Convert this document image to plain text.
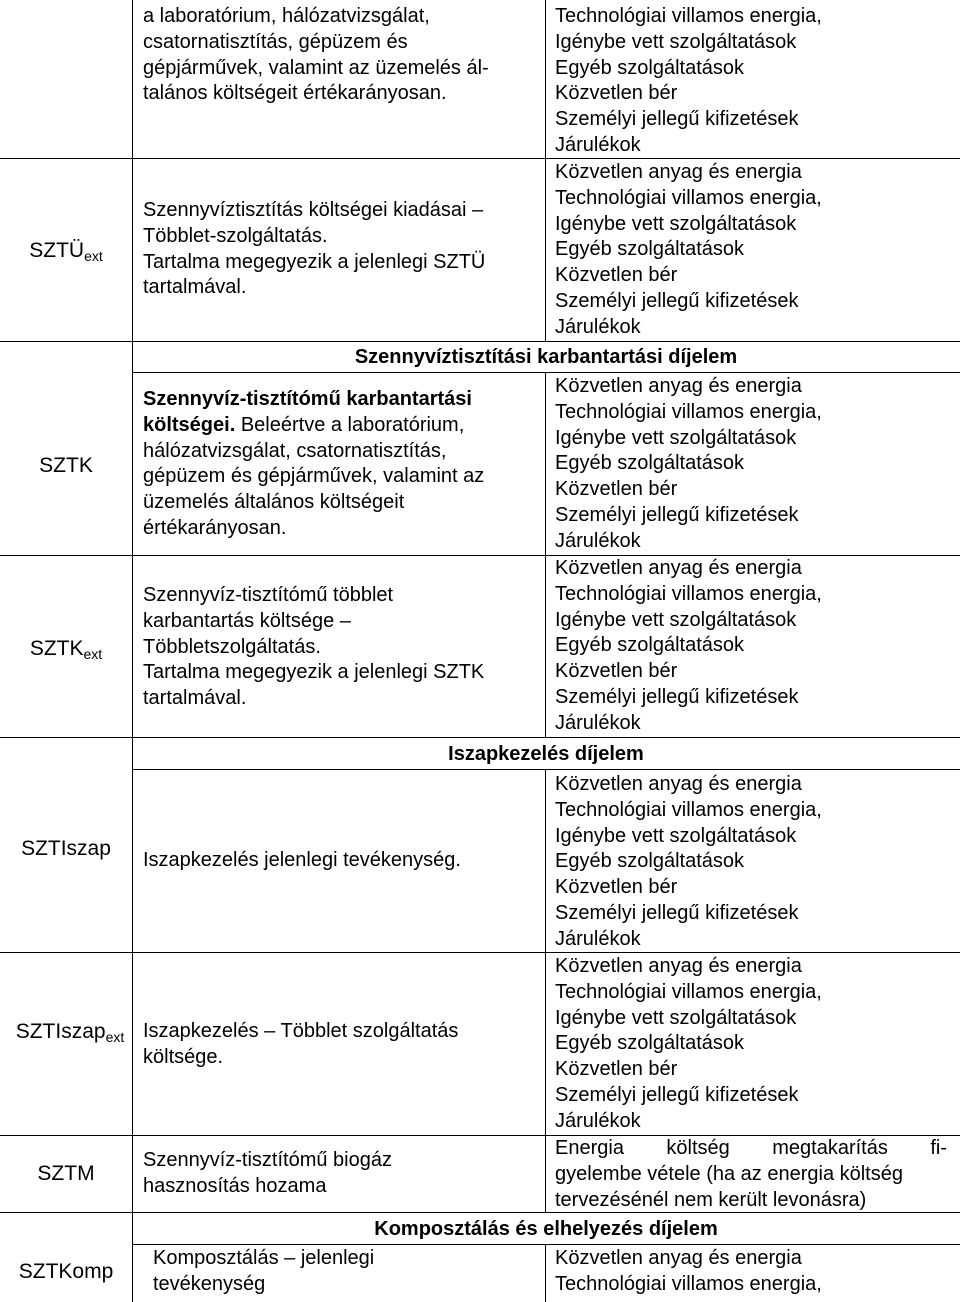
a laboratórium, hálózatvizsgálat,
csatornatisztítás, gépüzem és
gépjárművek, valamint az üzemelés ál-
talános költségeit értékarányosan.
Technológiai villamos energia,
Igénybe vett szolgáltatások
Egyéb szolgáltatások
Közvetlen bér
Személyi jellegű kifizetések
Járulékok
$SZTÜ_{ext}$
Szennyvíztisztítás költségei kiadásai –
Többlet-szolgáltatás.
Tartalma megegyezik a jelenlegi SZTÜ
tartalmával.
Közvetlen anyag és energia
Technológiai villamos energia,
Igénybe vett szolgáltatások
Egyéb szolgáltatások
Közvetlen bér
Személyi jellegű kifizetések
Járulékok
Szennyvíztisztítási karbantartási díjelem
SZTK
Szennyvíz-tisztítómű karbantartási
költségei. Beleértve a laboratórium,
hálózatvizsgálat, csatornatisztítás,
gépüzem és gépjárművek, valamint az
üzemelés általános költségeit
értékarányosan.
Közvetlen anyag és energia
Technológiai villamos energia,
Igénybe vett szolgáltatások
Egyéb szolgáltatások
Közvetlen bér
Személyi jellegű kifizetések
Járulékok
$SZTK_{ext}$
Szennyvíz-tisztítómű többlet
karbantartás költsége –
Többletszolgáltatás.
Tartalma megegyezik a jelenlegi SZTK
tartalmával.
Közvetlen anyag és energia
Technológiai villamos energia,
Igénybe vett szolgáltatások
Egyéb szolgáltatások
Közvetlen bér
Személyi jellegű kifizetések
Járulékok
Iszapkezelés díjelem
SZTIszap	Iszapkezelés jelenlegi tevékenység.
Közvetlen anyag és energia
Technológiai villamos energia,
Igénybe vett szolgáltatások
Egyéb szolgáltatások
Közvetlen bér
Személyi jellegű kifizetések
Járulékok
SZTIszap$_{ext}$ Iszapkezelés – Többlet szolgáltatás
költsége.
Közvetlen anyag és energia
Technológiai villamos energia,
Igénybe vett szolgáltatások
Egyéb szolgáltatások
Közvetlen bér
Személyi jellegű kifizetések
Járulékok
SZTM
Szennyvíz-tisztítómű biogáz
hasznosítás hozama
Energia költség megtakarítás fi-
gyelembe vétele (ha az energia költség
tervezésénél nem került levonásra)
Komposztálás és elhelyezés díjelem
SZTKomp
Komposztálás – jelenlegi
tevékenység
Közvetlen anyag és energia
Technológiai villamos energia,
